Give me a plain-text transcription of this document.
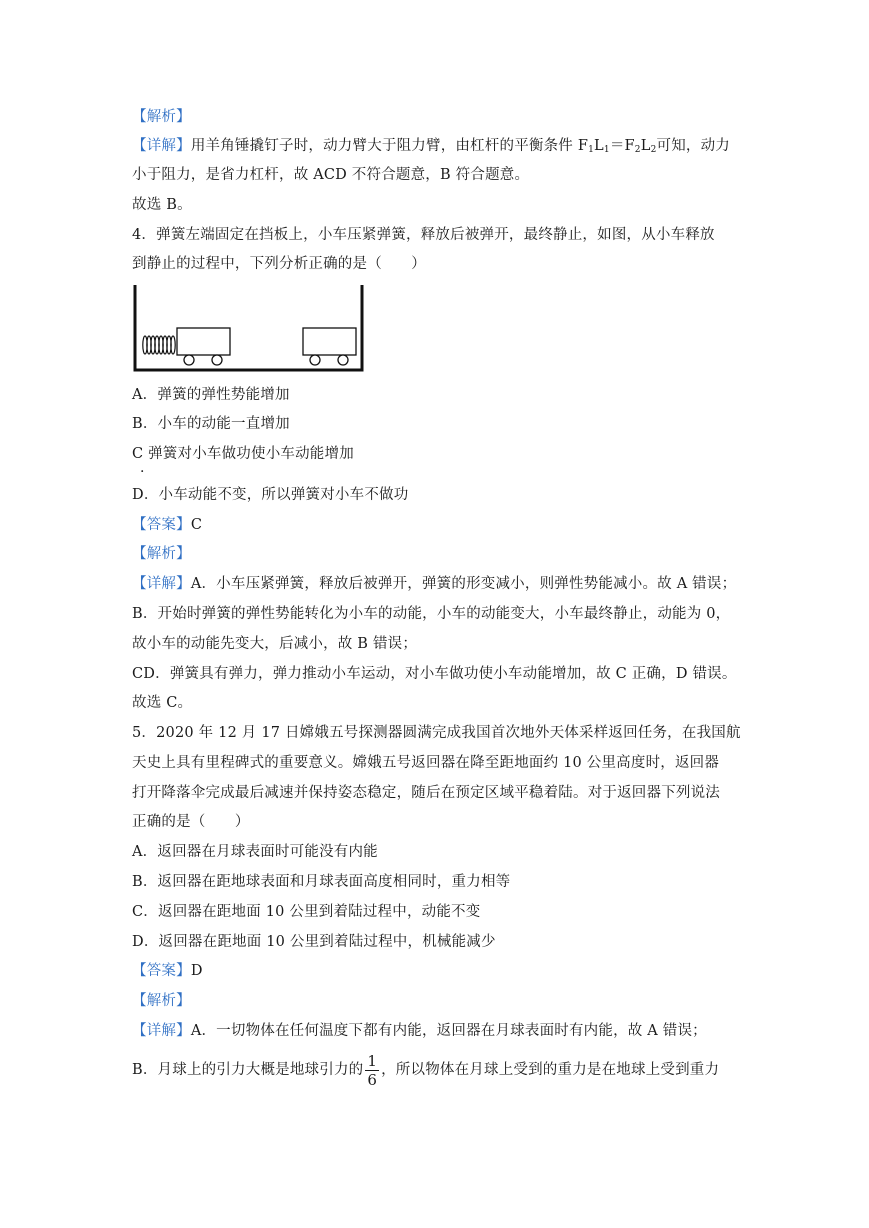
【解析】
【详解】用羊角锤撬钉子时，动力臂大于阻力臂，由杠杆的平衡条件 $F_1L_1=F_2L_2$可知，动力
小于阻力，是省力杠杆，故 ACD 不符合题意，B 符合题意。
故选 B。
4．弹簧左端固定在挡板上，小车压紧弹簧，释放后被弹开，最终静止，如图，从小车释放
到静止的过程中，下列分析正确的是（　　）
A．弹簧的弹性势能增加
B．小车的动能一直增加
C 弹簧对小车做功使小车动能增加
·
D．小车动能不变，所以弹簧对小车不做功
【答案】C
【解析】
【详解】A．小车压紧弹簧，释放后被弹开，弹簧的形变减小，则弹性势能减小。故 A 错误；
B．开始时弹簧的弹性势能转化为小车的动能，小车的动能变大，小车最终静止，动能为 0，
故小车的动能先变大，后减小，故 B 错误；
CD．弹簧具有弹力，弹力推动小车运动，对小车做功使小车动能增加，故 C 正确，D 错误。
故选 C。
5．2020 年 12 月 17 日嫦娥五号探测器圆满完成我国首次地外天体采样返回任务，在我国航
天史上具有里程碑式的重要意义。嫦娥五号返回器在降至距地面约 10 公里高度时，返回器
打开降落伞完成最后减速并保持姿态稳定，随后在预定区域平稳着陆。对于返回器下列说法
正确的是（　　）
A．返回器在月球表面时可能没有内能
B．返回器在距地球表面和月球表面高度相同时，重力相等
C．返回器在距地面 10 公里到着陆过程中，动能不变
D．返回器在距地面 10 公里到着陆过程中，机械能减少
【答案】D
【解析】
【详解】A．一切物体在任何温度下都有内能，返回器在月球表面时有内能，故 A 错误；
B．月球上的引力大概是地球引力的 $\frac{1}{6}$ ，所以物体在月球上受到的重力是在地球上受到重力
